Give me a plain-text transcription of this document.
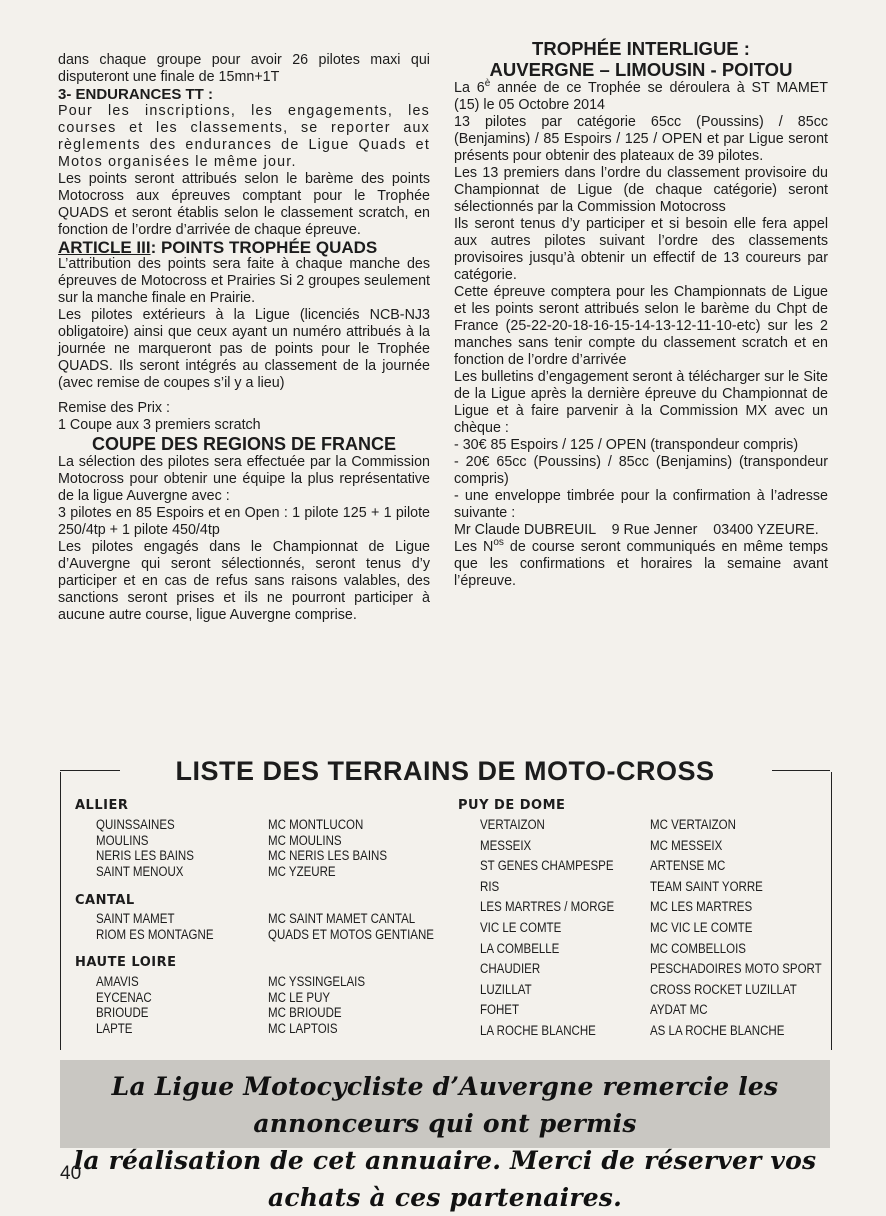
dans chaque groupe pour avoir 26 pilotes maxi qui disputeront une finale de 15mn+1T

3- ENDURANCES TT :

Pour les inscriptions, les engagements, les courses et les classements, se reporter aux règlements des endurances de Ligue Quads et Motos organisées le même jour.

Les points seront attribués selon le barème des points Motocross aux épreuves comptant pour le Trophée QUADS et seront établis selon le classement scratch, en fonction de l’ordre d’arrivée de chaque épreuve.

ARTICLE III: POINTS TROPHÉE QUADS

L’attribution des points sera faite à chaque manche des épreuves de Motocross et Prairies Si 2 groupes seulement sur la manche finale en Prairie.

Les pilotes extérieurs à la Ligue (licenciés NCB-NJ3 obligatoire) ainsi que ceux ayant un numéro attribués à la journée ne marqueront pas de points pour le Trophée QUADS. Ils seront intégrés au classement de la journée (avec remise de coupes s’il y a lieu)

Remise des Prix :

1 Coupe aux 3 premiers scratch

COUPE DES REGIONS DE FRANCE

La sélection des pilotes sera effectuée par la Commission Motocross pour obtenir une équipe la plus représentative de la ligue Auvergne avec :

3 pilotes en 85 Espoirs et en Open : 1 pilote 125 + 1 pilote 250/4tp + 1 pilote 450/4tp

Les pilotes engagés dans le Championnat de Ligue d’Auvergne qui seront sélectionnés, seront tenus d’y participer et en cas de refus sans raisons valables, des sanctions seront prises et ils ne pourront participer à aucune autre course, ligue Auvergne comprise.

TROPHÉE INTERLIGUE :

AUVERGNE – LIMOUSIN - POITOU

La $6^è$ année de ce Trophée se déroulera à ST MAMET (15) le 05 Octobre 2014

13 pilotes par catégorie 65cc (Poussins) / 85cc (Benjamins) / 85 Espoirs / 125 / OPEN et par Ligue seront présents pour obtenir des plateaux de 39 pilotes.

Les 13 premiers dans l’ordre du classement provisoire du Championnat de Ligue (de chaque catégorie) seront sélectionnés par la Commission Motocross

Ils seront tenus d’y participer et si besoin elle fera appel aux autres pilotes suivant l’ordre des classements provisoires jusqu’à obtenir un effectif de 13 coureurs par catégorie.

Cette épreuve comptera pour les Championnats de Ligue et les points seront attribués selon le barème du Chpt de France (25-22-20-18-16-15-14-13-12-11-10-etc) sur les 2 manches sans tenir compte du classement scratch et en fonction de l’ordre d’arrivée

Les bulletins d’engagement seront à télécharger sur le Site de la Ligue après la dernière épreuve du Championnat de Ligue et à faire parvenir à la Commission MX avec un chèque :

- 30€ 85 Espoirs / 125 / OPEN (transpondeur compris)

- 20€ 65cc (Poussins) / 85cc (Benjamins) (transpondeur compris)

- une enveloppe timbrée pour la confirmation à l’adresse suivante :

Mr Claude DUBREUIL    9 Rue Jenner    03400 YZEURE.

Les $N^{os}$ de course seront communiqués en même temps que les confirmations et horaires la semaine avant l’épreuve.

LISTE DES TERRAINS DE MOTO-CROSS
ALLIER
QUINSSAINES
MOULINS
NERIS LES BAINS
SAINT MENOUX
MC MONTLUCON
MC MOULINS
MC NERIS LES BAINS
MC YZEURE
CANTAL
SAINT MAMET
RIOM ES MONTAGNE
MC SAINT MAMET CANTAL
QUADS ET MOTOS GENTIANE
HAUTE LOIRE
AMAVIS
EYCENAC
BRIOUDE
LAPTE
MC YSSINGELAIS
MC LE PUY
MC BRIOUDE
MC LAPTOIS
PUY DE DOME
VERTAIZON
MESSEIX
ST GENES CHAMPESPE
RIS
LES MARTRES / MORGE
VIC LE COMTE
LA COMBELLE
CHAUDIER
LUZILLAT
FOHET
LA ROCHE BLANCHE
MC VERTAIZON
MC MESSEIX
ARTENSE MC
TEAM SAINT YORRE
MC LES MARTRES
MC VIC LE COMTE
MC COMBELLOIS
PESCHADOIRES MOTO SPORT
CROSS ROCKET LUZILLAT
AYDAT MC
AS LA ROCHE BLANCHE
La Ligue Motocycliste d’Auvergne remercie les annonceurs qui ont permis
la réalisation de cet annuaire. Merci de réserver vos achats à ces partenaires.
40
